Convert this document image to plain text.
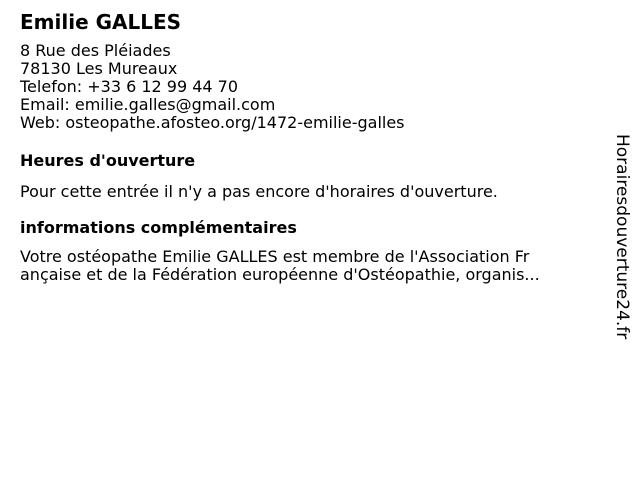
Emilie GALLES
8 Rue des Pléiades
78130 Les Mureaux
Telefon: +33 6 12 99 44 70
Email: emilie.galles@gmail.com
Web: osteopathe.afosteo.org/1472-emilie-galles
Heures d'ouverture
Pour cette entrée il n'y a pas encore d'horaires d'ouverture.
informations complémentaires
Votre ostéopathe Emilie GALLES est membre de l'Association Fr
ançaise et de la Fédération européenne d'Ostéopathie, organis...	Horairesdouverture24.fr
